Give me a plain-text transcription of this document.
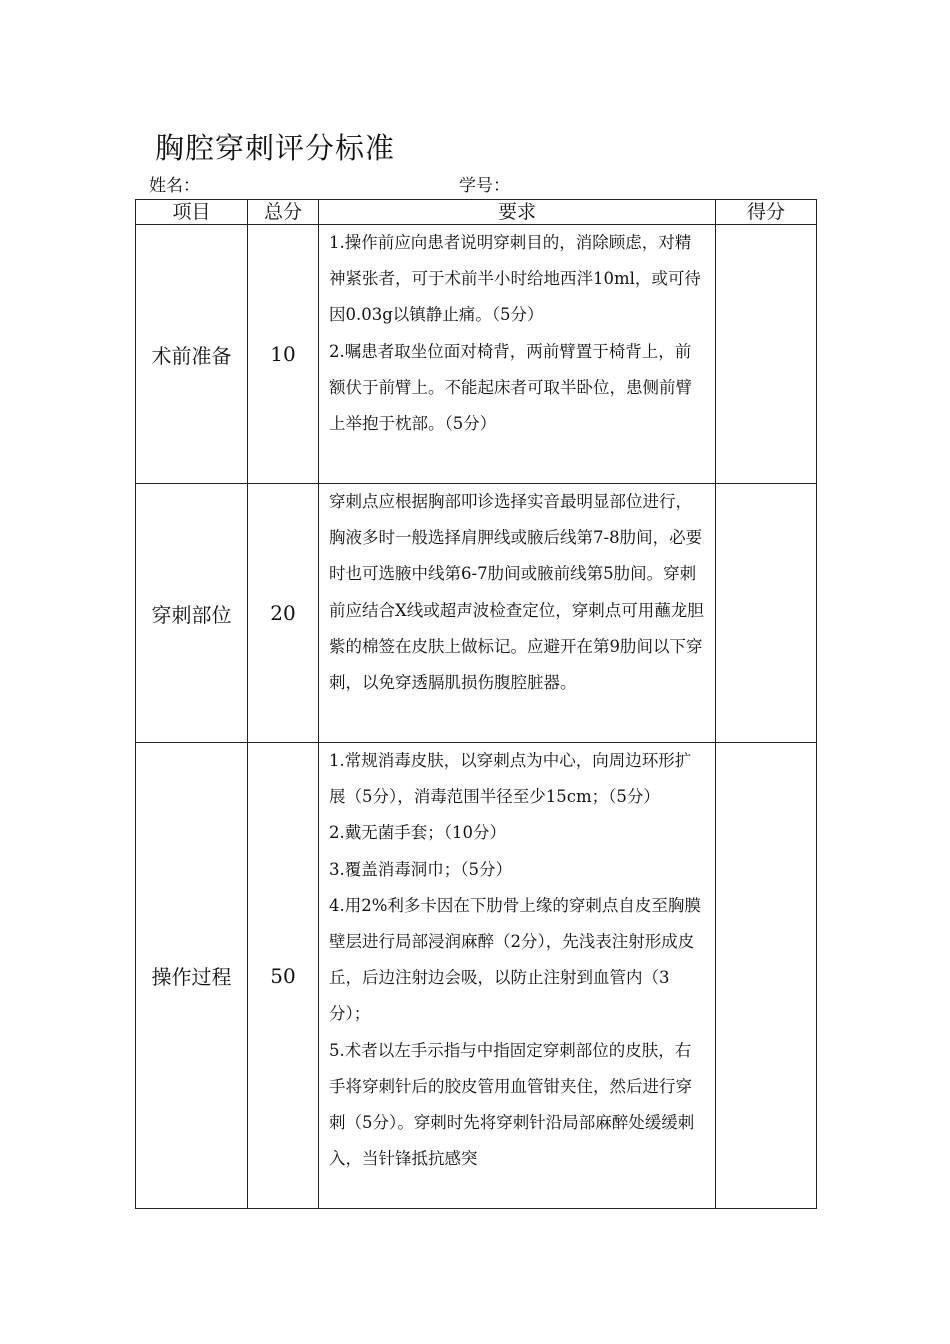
胸腔穿刺评分标准
姓名：	学号：
项目	总分	要求	得分
术前准备	10	1.操作前应向患者说明穿刺目的，消除顾虑，对精神紧张者，可于术前半小时给地西泮10ml，或可待因0.03g以镇静止痛。（5分）

2.嘱患者取坐位面对椅背，两前臂置于椅背上，前额伏于前臂上。不能起床者可取半卧位，患侧前臂上举抱于枕部。（5分）	

穿刺部位	20	穿刺点应根据胸部叩诊选择实音最明显部位进行，胸液多时一般选择肩胛线或腋后线第7-8肋间，必要时也可选腋中线第6-7肋间或腋前线第5肋间。穿刺前应结合X线或超声波检查定位，穿刺点可用蘸龙胆紫的棉签在皮肤上做标记。应避开在第9肋间以下穿刺，以免穿透膈肌损伤腹腔脏器。	

操作过程	50	1.常规消毒皮肤，以穿刺点为中心，向周边环形扩展（5分），消毒范围半径至少15cm；（5分）

2.戴无菌手套；（10分）

3.覆盖消毒洞巾；（5分）

4.用2%利多卡因在下肋骨上缘的穿刺点自皮至胸膜壁层进行局部浸润麻醉（2分），先浅表注射形成皮丘，后边注射边会吸，以防止注射到血管内（3分）；

5.术者以左手示指与中指固定穿刺部位的皮肤，右手将穿刺针后的胶皮管用血管钳夹住，然后进行穿刺（5分）。穿刺时先将穿刺针沿局部麻醉处缓缓刺入，当针锋抵抗感突	
